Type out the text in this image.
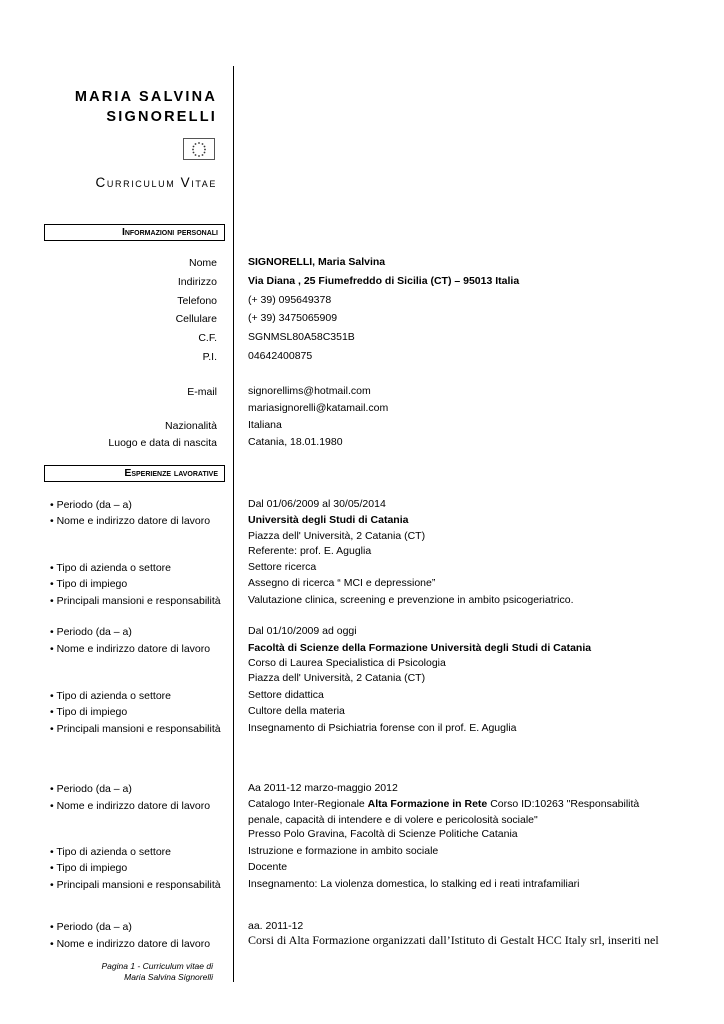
MARIA SALVINA
SIGNORELLI
Curriculum Vitae
Informazioni personali
Nome	SIGNORELLI, Maria Salvina
Indirizzo	Via Diana , 25 Fiumefreddo di Sicilia (CT) – 95013 Italia
Telefono	(+ 39) 095649378
Cellulare	(+ 39) 3475065909
C.F.	SGNMSL80A58C351B
P.I.	04642400875
E-mail	signorellims@hotmail.com
mariasignorelli@katamail.com
Nazionalità	Italiana
Luogo e data di nascita	Catania, 18.01.1980
Esperienze lavorative
• Periodo (da – a)	Dal 01/06/2009 al 30/05/2014
• Nome e indirizzo datore di lavoro	Università degli Studi di Catania
Piazza dell' Università, 2 Catania (CT)
Referente: prof. E. Aguglia
• Tipo di azienda o settore	Settore ricerca
• Tipo di impiego	Assegno di ricerca “ MCI e depressione”
• Principali mansioni e responsabilità	Valutazione clinica, screening e prevenzione in ambito psicogeriatrico.
• Periodo (da – a)	Dal 01/10/2009 ad oggi
• Nome e indirizzo datore di lavoro	Facoltà di Scienze della Formazione Università degli Studi di Catania
Corso di Laurea Specialistica di Psicologia
Piazza dell' Università, 2 Catania (CT)
• Tipo di azienda o settore	Settore didattica
• Tipo di impiego	Cultore della materia
• Principali mansioni e responsabilità	Insegnamento di Psichiatria forense con il prof. E. Aguglia
• Periodo (da – a)	Aa 2011-12 marzo-maggio 2012
• Nome e indirizzo datore di lavoro	Catalogo Inter-Regionale Alta Formazione in Rete Corso ID:10263 "Responsabilità penale, capacità di intendere e di volere e pericolosità sociale"
Presso Polo Gravina, Facoltà di Scienze Politiche Catania
• Tipo di azienda o settore	Istruzione e formazione in ambito sociale
• Tipo di impiego	Docente
• Principali mansioni e responsabilità	Insegnamento: La violenza domestica, lo stalking ed i reati intrafamiliari
• Periodo (da – a)	aa. 2011-12
• Nome e indirizzo datore di lavoro	Corsi di Alta Formazione organizzati dall’Istituto di Gestalt HCC Italy srl, inseriti nel
Pagina 1 - Curriculum vitae di
Maria Salvina Signorelli
